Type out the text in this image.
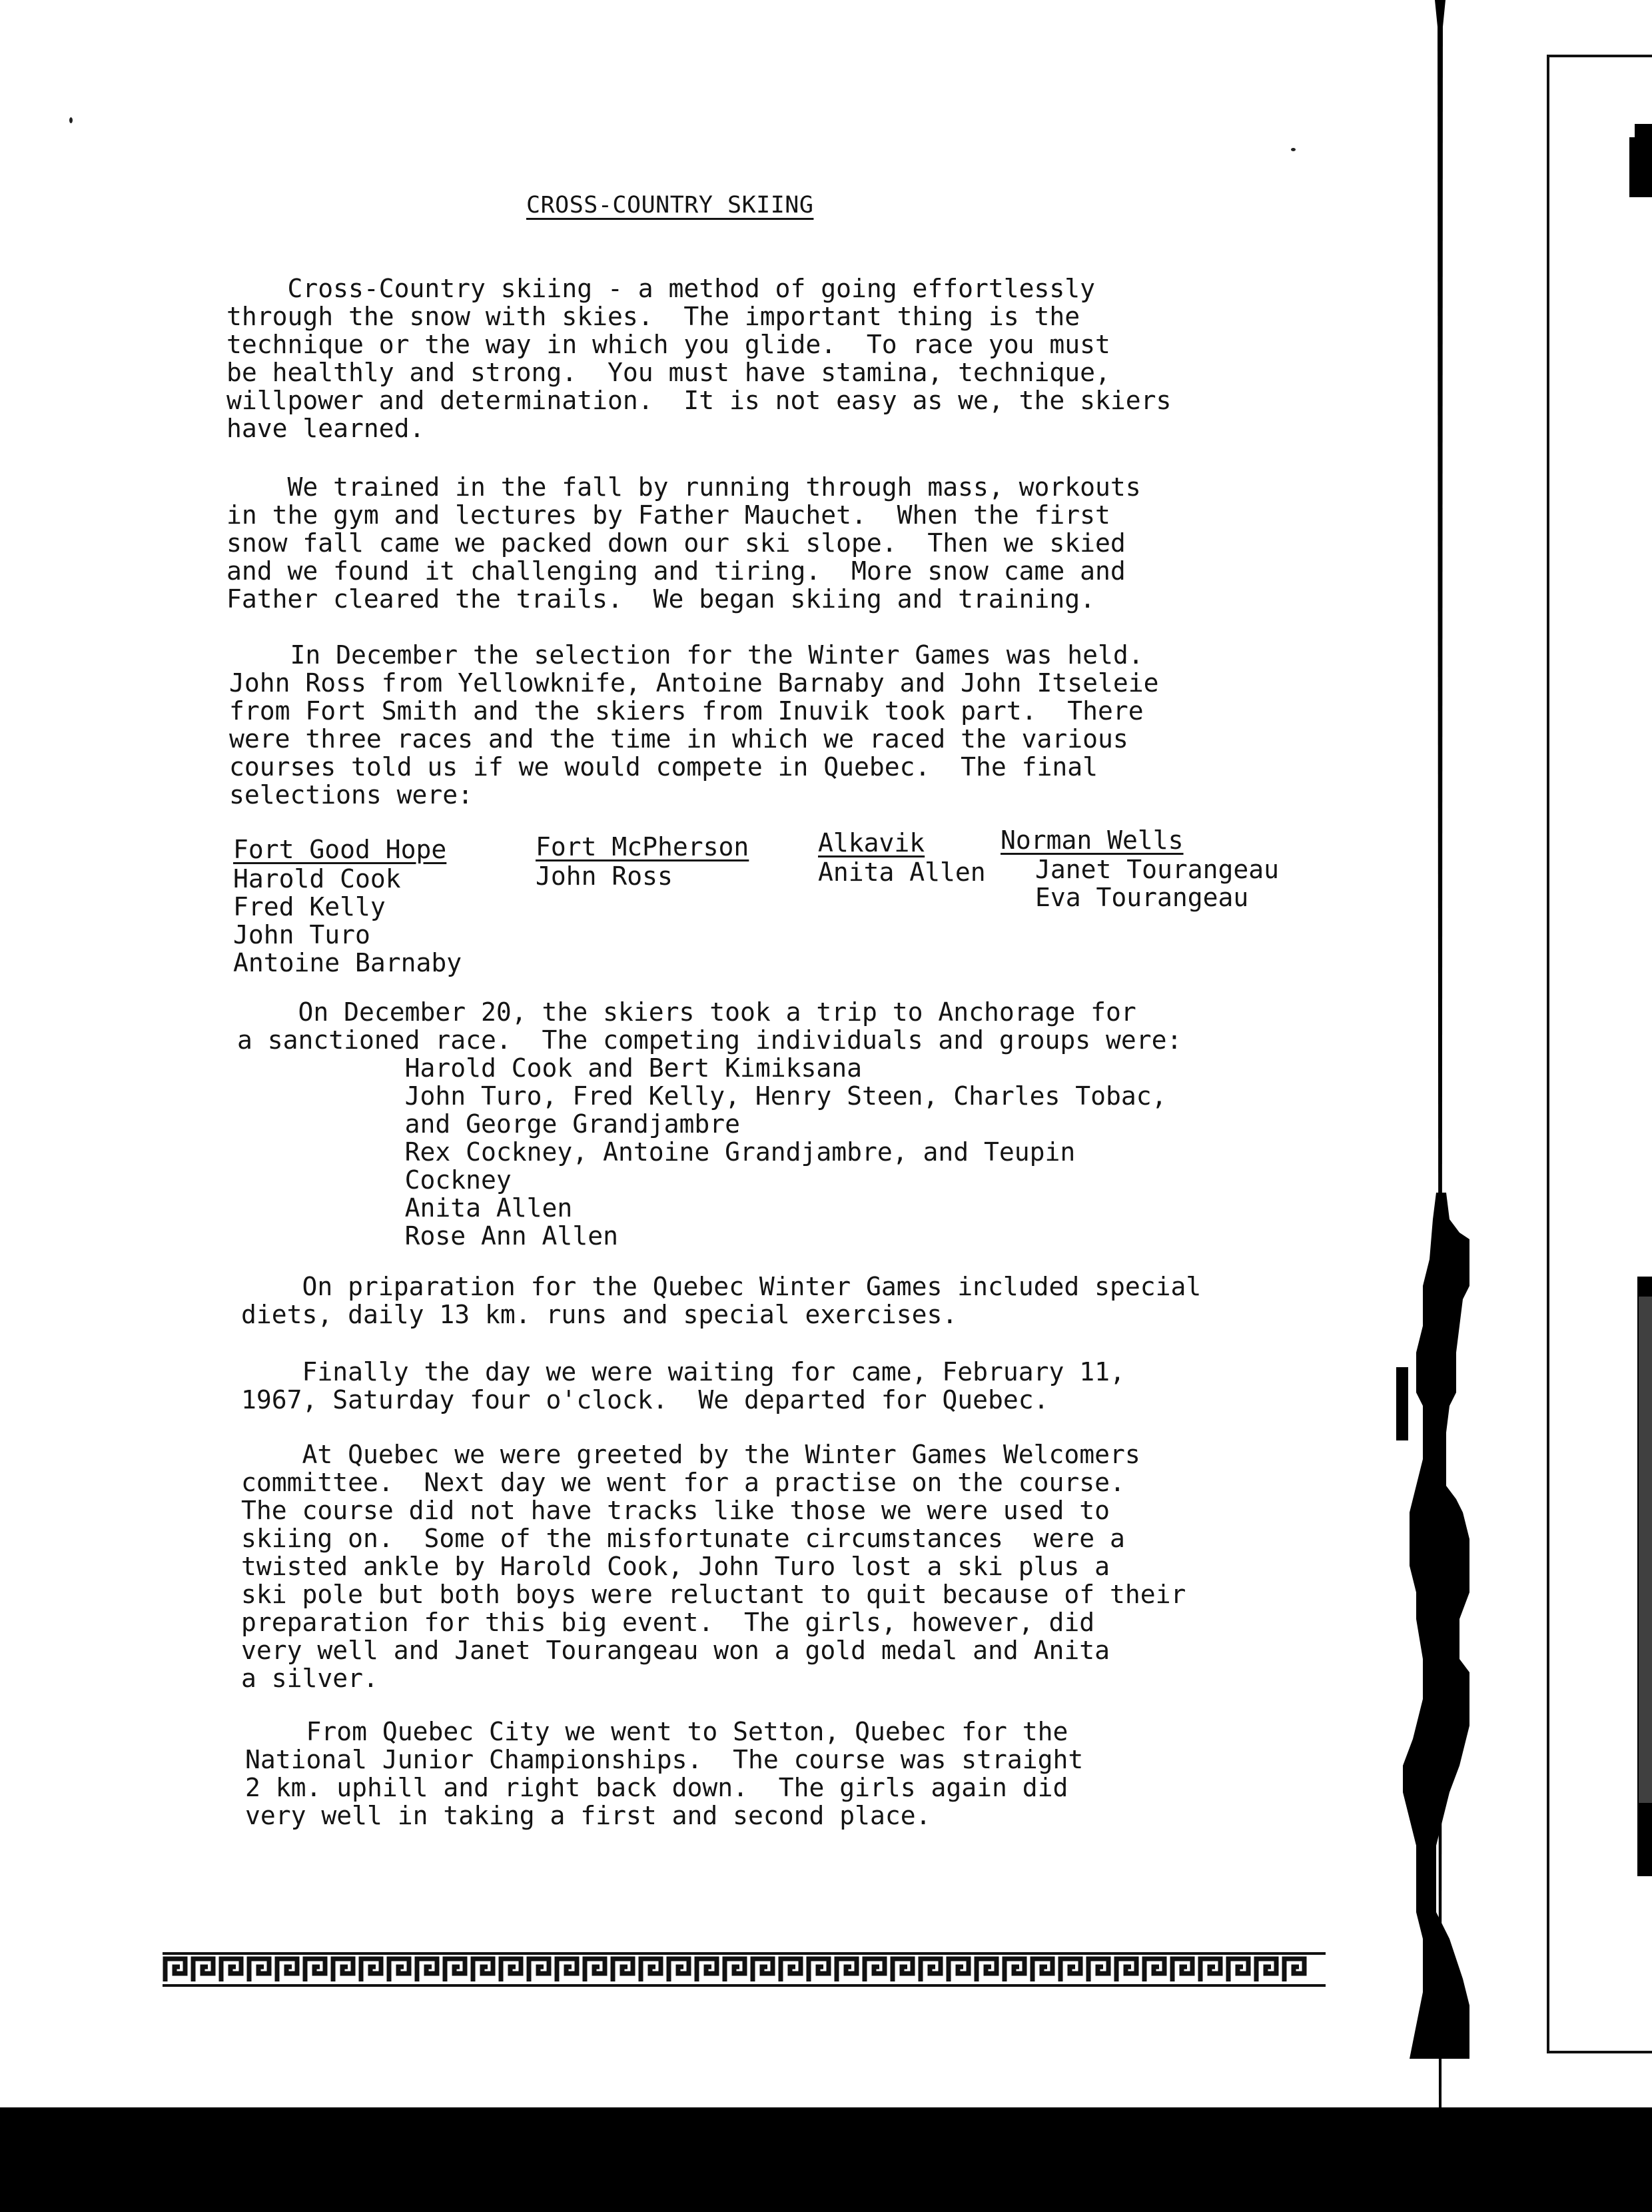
CROSS-COUNTRY SKIING
Cross-Country skiing - a method of going effortlessly
through the snow with skies.  The important thing is the
technique or the way in which you glide.  To race you must
be healthly and strong.  You must have stamina, technique,
willpower and determination.  It is not easy as we, the skiers
have learned.
We trained in the fall by running through mass, workouts
in the gym and lectures by Father Mauchet.  When the first
snow fall came we packed down our ski slope.  Then we skied
and we found it challenging and tiring.  More snow came and
Father cleared the trails.  We began skiing and training.
In December the selection for the Winter Games was held.
John Ross from Yellowknife, Antoine Barnaby and John Itseleie
from Fort Smith and the skiers from Inuvik took part.  There
were three races and the time in which we raced the various
courses told us if we would compete in Quebec.  The final
selections were:
Fort Good Hope
Harold Cook
Fred Kelly
John Turo
Antoine Barnaby
Fort McPherson
John Ross
Alkavik
Anita Allen
Norman Wells
Janet Tourangeau
Eva Tourangeau
On December 20, the skiers took a trip to Anchorage for
a sanctioned race.  The competing individuals and groups were:
Harold Cook and Bert Kimiksana
John Turo, Fred Kelly, Henry Steen, Charles Tobac,
and George Grandjambre
Rex Cockney, Antoine Grandjambre, and Teupin
Cockney
Anita Allen
Rose Ann Allen
On priparation for the Quebec Winter Games included special
diets, daily 13 km. runs and special exercises.
Finally the day we were waiting for came, February 11,
1967, Saturday four o'clock.  We departed for Quebec.
At Quebec we were greeted by the Winter Games Welcomers
committee.  Next day we went for a practise on the course.
The course did not have tracks like those we were used to
skiing on.  Some of the misfortunate circumstances  were a
twisted ankle by Harold Cook, John Turo lost a ski plus a
ski pole but both boys were reluctant to quit because of their
preparation for this big event.  The girls, however, did
very well and Janet Tourangeau won a gold medal and Anita
a silver.
From Quebec City we went to Setton, Quebec for the
National Junior Championships.  The course was straight
2 km. uphill and right back down.  The girls again did
very well in taking a first and second place.
